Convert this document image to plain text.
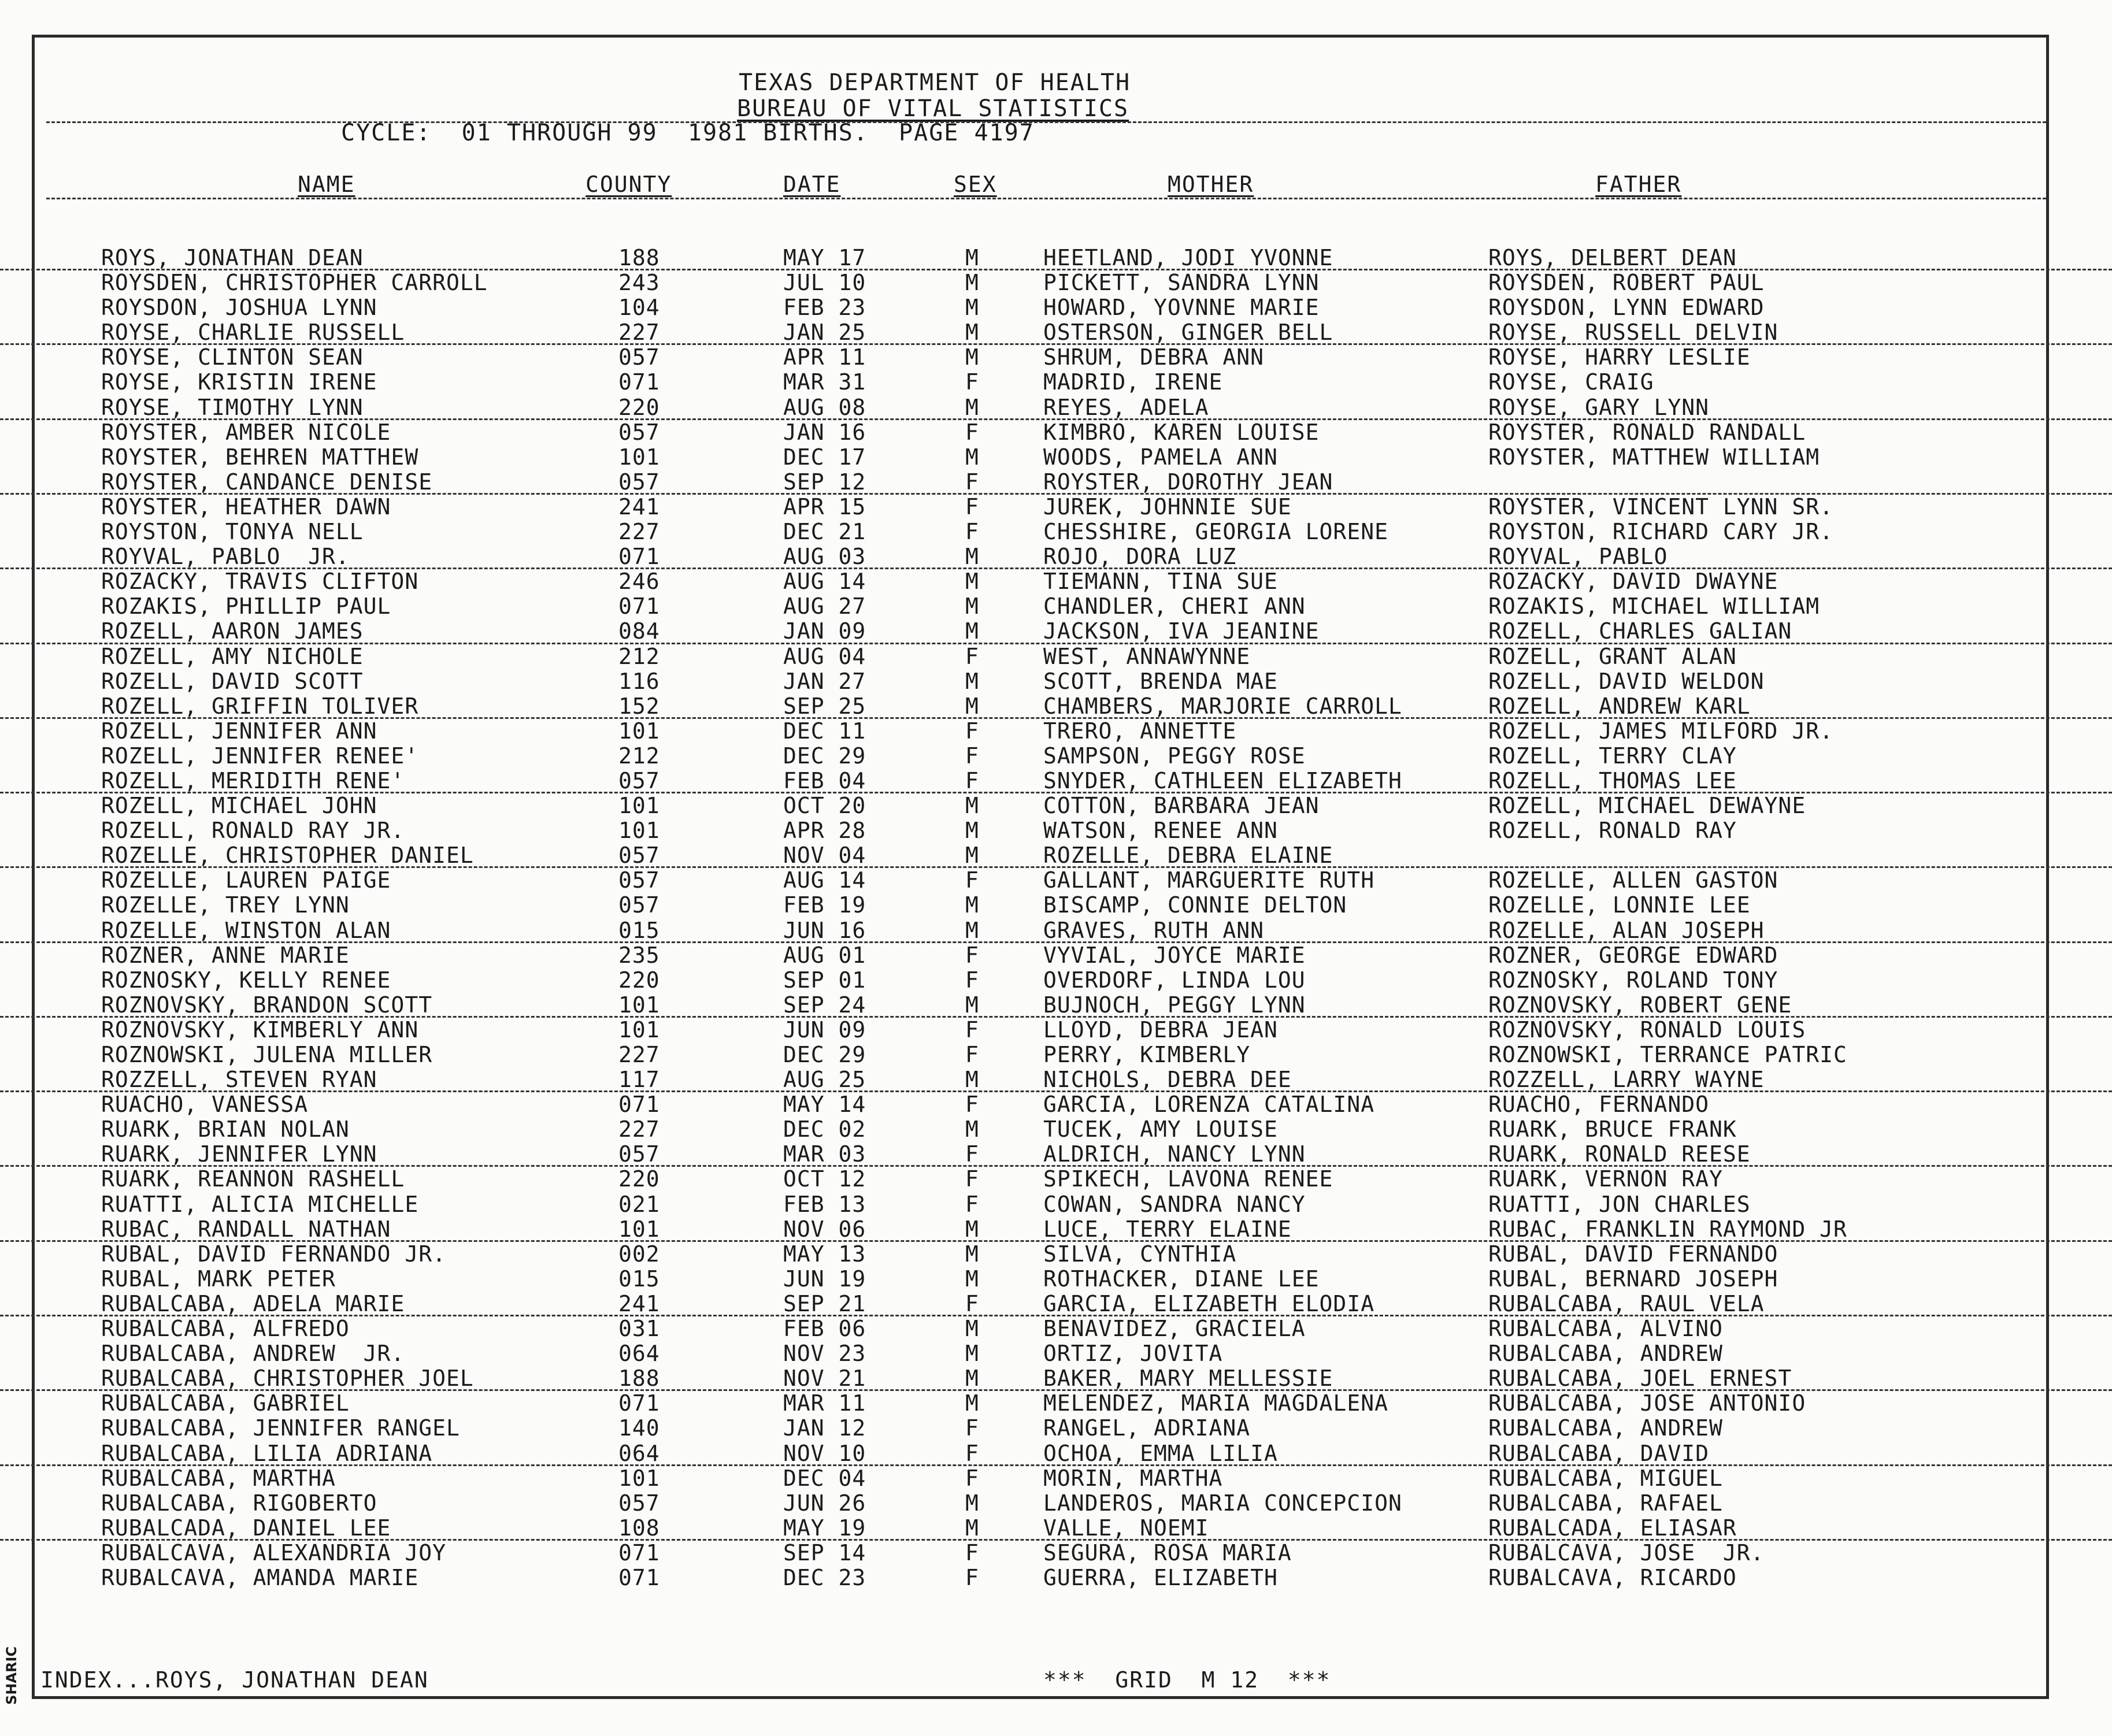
SHARIC
TEXAS DEPARTMENT OF HEALTH
BUREAU OF VITAL STATISTICS
CYCLE:  01 THROUGH 99  1981 BIRTHS.  PAGE 4197
NAME	COUNTY	DATE	SEX	MOTHER	FATHER
ROYS, JONATHAN DEAN	188	MAY 17	M	HEETLAND, JODI YVONNE	ROYS, DELBERT DEAN
ROYSDEN, CHRISTOPHER CARROLL	243	JUL 10	M	PICKETT, SANDRA LYNN	ROYSDEN, ROBERT PAUL
ROYSDON, JOSHUA LYNN	104	FEB 23	M	HOWARD, YOVNNE MARIE	ROYSDON, LYNN EDWARD
ROYSE, CHARLIE RUSSELL	227	JAN 25	M	OSTERSON, GINGER BELL	ROYSE, RUSSELL DELVIN
ROYSE, CLINTON SEAN	057	APR 11	M	SHRUM, DEBRA ANN	ROYSE, HARRY LESLIE
ROYSE, KRISTIN IRENE	071	MAR 31	F	MADRID, IRENE	ROYSE, CRAIG
ROYSE, TIMOTHY LYNN	220	AUG 08	M	REYES, ADELA	ROYSE, GARY LYNN
ROYSTER, AMBER NICOLE	057	JAN 16	F	KIMBRO, KAREN LOUISE	ROYSTER, RONALD RANDALL
ROYSTER, BEHREN MATTHEW	101	DEC 17	M	WOODS, PAMELA ANN	ROYSTER, MATTHEW WILLIAM
ROYSTER, CANDANCE DENISE	057	SEP 12	F	ROYSTER, DOROTHY JEAN
ROYSTER, HEATHER DAWN	241	APR 15	F	JUREK, JOHNNIE SUE	ROYSTER, VINCENT LYNN SR.
ROYSTON, TONYA NELL	227	DEC 21	F	CHESSHIRE, GEORGIA LORENE	ROYSTON, RICHARD CARY JR.
ROYVAL, PABLO  JR.	071	AUG 03	M	ROJO, DORA LUZ	ROYVAL, PABLO
ROZACKY, TRAVIS CLIFTON	246	AUG 14	M	TIEMANN, TINA SUE	ROZACKY, DAVID DWAYNE
ROZAKIS, PHILLIP PAUL	071	AUG 27	M	CHANDLER, CHERI ANN	ROZAKIS, MICHAEL WILLIAM
ROZELL, AARON JAMES	084	JAN 09	M	JACKSON, IVA JEANINE	ROZELL, CHARLES GALIAN
ROZELL, AMY NICHOLE	212	AUG 04	F	WEST, ANNAWYNNE	ROZELL, GRANT ALAN
ROZELL, DAVID SCOTT	116	JAN 27	M	SCOTT, BRENDA MAE	ROZELL, DAVID WELDON
ROZELL, GRIFFIN TOLIVER	152	SEP 25	M	CHAMBERS, MARJORIE CARROLL	ROZELL, ANDREW KARL
ROZELL, JENNIFER ANN	101	DEC 11	F	TRERO, ANNETTE	ROZELL, JAMES MILFORD JR.
ROZELL, JENNIFER RENEE'	212	DEC 29	F	SAMPSON, PEGGY ROSE	ROZELL, TERRY CLAY
ROZELL, MERIDITH RENE'	057	FEB 04	F	SNYDER, CATHLEEN ELIZABETH	ROZELL, THOMAS LEE
ROZELL, MICHAEL JOHN	101	OCT 20	M	COTTON, BARBARA JEAN	ROZELL, MICHAEL DEWAYNE
ROZELL, RONALD RAY JR.	101	APR 28	M	WATSON, RENEE ANN	ROZELL, RONALD RAY
ROZELLE, CHRISTOPHER DANIEL	057	NOV 04	M	ROZELLE, DEBRA ELAINE
ROZELLE, LAUREN PAIGE	057	AUG 14	F	GALLANT, MARGUERITE RUTH	ROZELLE, ALLEN GASTON
ROZELLE, TREY LYNN	057	FEB 19	M	BISCAMP, CONNIE DELTON	ROZELLE, LONNIE LEE
ROZELLE, WINSTON ALAN	015	JUN 16	M	GRAVES, RUTH ANN	ROZELLE, ALAN JOSEPH
ROZNER, ANNE MARIE	235	AUG 01	F	VYVIAL, JOYCE MARIE	ROZNER, GEORGE EDWARD
ROZNOSKY, KELLY RENEE	220	SEP 01	F	OVERDORF, LINDA LOU	ROZNOSKY, ROLAND TONY
ROZNOVSKY, BRANDON SCOTT	101	SEP 24	M	BUJNOCH, PEGGY LYNN	ROZNOVSKY, ROBERT GENE
ROZNOVSKY, KIMBERLY ANN	101	JUN 09	F	LLOYD, DEBRA JEAN	ROZNOVSKY, RONALD LOUIS
ROZNOWSKI, JULENA MILLER	227	DEC 29	F	PERRY, KIMBERLY	ROZNOWSKI, TERRANCE PATRIC
ROZZELL, STEVEN RYAN	117	AUG 25	M	NICHOLS, DEBRA DEE	ROZZELL, LARRY WAYNE
RUACHO, VANESSA	071	MAY 14	F	GARCIA, LORENZA CATALINA	RUACHO, FERNANDO
RUARK, BRIAN NOLAN	227	DEC 02	M	TUCEK, AMY LOUISE	RUARK, BRUCE FRANK
RUARK, JENNIFER LYNN	057	MAR 03	F	ALDRICH, NANCY LYNN	RUARK, RONALD REESE
RUARK, REANNON RASHELL	220	OCT 12	F	SPIKECH, LAVONA RENEE	RUARK, VERNON RAY
RUATTI, ALICIA MICHELLE	021	FEB 13	F	COWAN, SANDRA NANCY	RUATTI, JON CHARLES
RUBAC, RANDALL NATHAN	101	NOV 06	M	LUCE, TERRY ELAINE	RUBAC, FRANKLIN RAYMOND JR
RUBAL, DAVID FERNANDO JR.	002	MAY 13	M	SILVA, CYNTHIA	RUBAL, DAVID FERNANDO
RUBAL, MARK PETER	015	JUN 19	M	ROTHACKER, DIANE LEE	RUBAL, BERNARD JOSEPH
RUBALCABA, ADELA MARIE	241	SEP 21	F	GARCIA, ELIZABETH ELODIA	RUBALCABA, RAUL VELA
RUBALCABA, ALFREDO	031	FEB 06	M	BENAVIDEZ, GRACIELA	RUBALCABA, ALVINO
RUBALCABA, ANDREW  JR.	064	NOV 23	M	ORTIZ, JOVITA	RUBALCABA, ANDREW
RUBALCABA, CHRISTOPHER JOEL	188	NOV 21	M	BAKER, MARY MELLESSIE	RUBALCABA, JOEL ERNEST
RUBALCABA, GABRIEL	071	MAR 11	M	MELENDEZ, MARIA MAGDALENA	RUBALCABA, JOSE ANTONIO
RUBALCABA, JENNIFER RANGEL	140	JAN 12	F	RANGEL, ADRIANA	RUBALCABA, ANDREW
RUBALCABA, LILIA ADRIANA	064	NOV 10	F	OCHOA, EMMA LILIA	RUBALCABA, DAVID
RUBALCABA, MARTHA	101	DEC 04	F	MORIN, MARTHA	RUBALCABA, MIGUEL
RUBALCABA, RIGOBERTO	057	JUN 26	M	LANDEROS, MARIA CONCEPCION	RUBALCABA, RAFAEL
RUBALCADA, DANIEL LEE	108	MAY 19	M	VALLE, NOEMI	RUBALCADA, ELIASAR
RUBALCAVA, ALEXANDRIA JOY	071	SEP 14	F	SEGURA, ROSA MARIA	RUBALCAVA, JOSE  JR.
RUBALCAVA, AMANDA MARIE	071	DEC 23	F	GUERRA, ELIZABETH	RUBALCAVA, RICARDO
INDEX...ROYS, JONATHAN DEAN	***  GRID  M 12  ***
